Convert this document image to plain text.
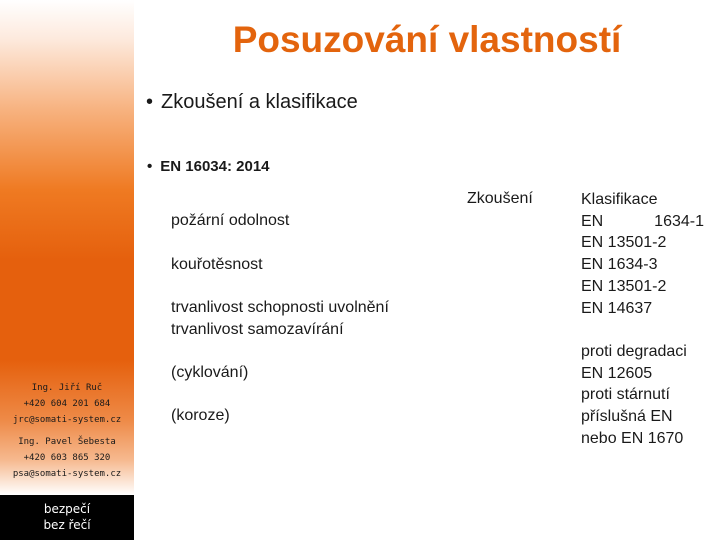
Ing. Jiří Ruč
+420 604 201 684
jrc@somati-system.cz
Ing. Pavel Šebesta
+420 603 865 320
psa@somati-system.cz
bezpečí
bez řečí
Posuzování vlastností
• Zkoušení a klasifikace
• EN 16034: 2014
Zkoušení
požární odolnost
kouřotěsnost
trvanlivost schopnosti uvolnění
trvanlivost samozavírání
(cyklování)
(koroze)
Klasifikace
EN 1634-1
EN 13501-2
EN 1634-3
EN 13501-2
EN 14637
proti degradaci
EN 12605
proti stárnutí
příslušná EN
nebo EN 1670
